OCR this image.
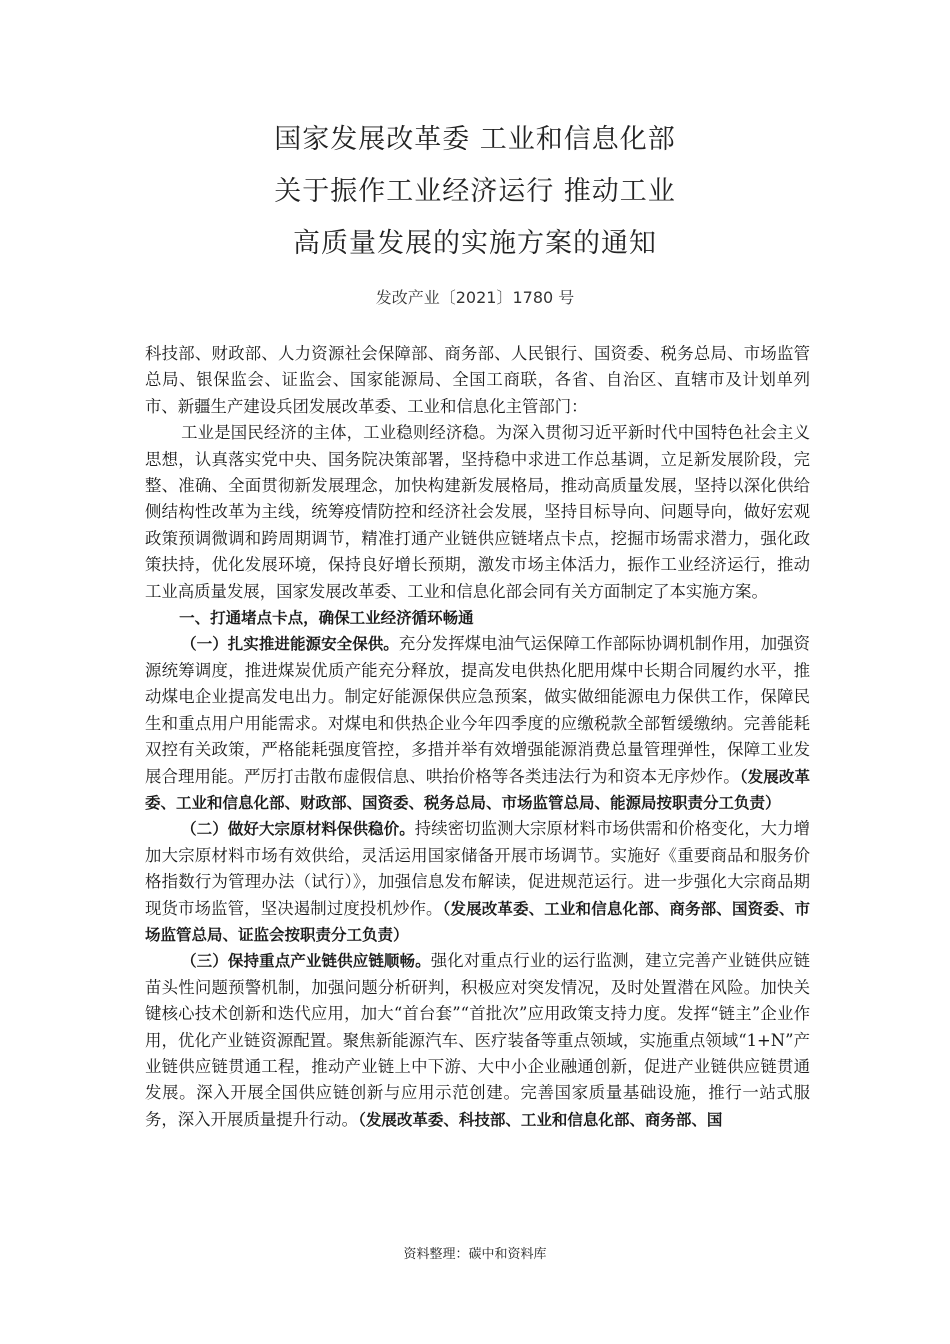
国家发展改革委 工业和信息化部
关于振作工业经济运行 推动工业
高质量发展的实施方案的通知
发改产业〔2021〕1780 号

科技部、财政部、人力资源社会保障部、商务部、人民银行、国资委、税务总局、市场监管总局、银保监会、证监会、国家能源局、全国工商联，各省、自治区、直辖市及计划单列市、新疆生产建设兵团发展改革委、工业和信息化主管部门：

工业是国民经济的主体，工业稳则经济稳。为深入贯彻习近平新时代中国特色社会主义思想，认真落实党中央、国务院决策部署，坚持稳中求进工作总基调，立足新发展阶段，完整、准确、全面贯彻新发展理念，加快构建新发展格局，推动高质量发展，坚持以深化供给侧结构性改革为主线，统筹疫情防控和经济社会发展，坚持目标导向、问题导向，做好宏观政策预调微调和跨周期调节，精准打通产业链供应链堵点卡点，挖掘市场需求潜力，强化政策扶持，优化发展环境，保持良好增长预期，激发市场主体活力，振作工业经济运行，推动工业高质量发展，国家发展改革委、工业和信息化部会同有关方面制定了本实施方案。

一、打通堵点卡点，确保工业经济循环畅通

（一）扎实推进能源安全保供。充分发挥煤电油气运保障工作部际协调机制作用，加强资源统筹调度，推进煤炭优质产能充分释放，提高发电供热化肥用煤中长期合同履约水平，推动煤电企业提高发电出力。制定好能源保供应急预案，做实做细能源电力保供工作，保障民生和重点用户用能需求。对煤电和供热企业今年四季度的应缴税款全部暂缓缴纳。完善能耗双控有关政策，严格能耗强度管控，多措并举有效增强能源消费总量管理弹性，保障工业发展合理用能。严厉打击散布虚假信息、哄抬价格等各类违法行为和资本无序炒作。（发展改革委、工业和信息化部、财政部、国资委、税务总局、市场监管总局、能源局按职责分工负责）

（二）做好大宗原材料保供稳价。持续密切监测大宗原材料市场供需和价格变化，大力增加大宗原材料市场有效供给，灵活运用国家储备开展市场调节。实施好《重要商品和服务价格指数行为管理办法（试行）》，加强信息发布解读，促进规范运行。进一步强化大宗商品期现货市场监管，坚决遏制过度投机炒作。（发展改革委、工业和信息化部、商务部、国资委、市场监管总局、证监会按职责分工负责）

（三）保持重点产业链供应链顺畅。强化对重点行业的运行监测，建立完善产业链供应链苗头性问题预警机制，加强问题分析研判，积极应对突发情况，及时处置潜在风险。加快关键核心技术创新和迭代应用，加大“首台套”“首批次”应用政策支持力度。发挥“链主”企业作用，优化产业链资源配置。聚焦新能源汽车、医疗装备等重点领域，实施重点领域“1+N”产业链供应链贯通工程，推动产业链上中下游、大中小企业融通创新，促进产业链供应链贯通发展。深入开展全国供应链创新与应用示范创建。完善国家质量基础设施，推行一站式服务，深入开展质量提升行动。（发展改革委、科技部、工业和信息化部、商务部、国

资料整理：碳中和资料库
